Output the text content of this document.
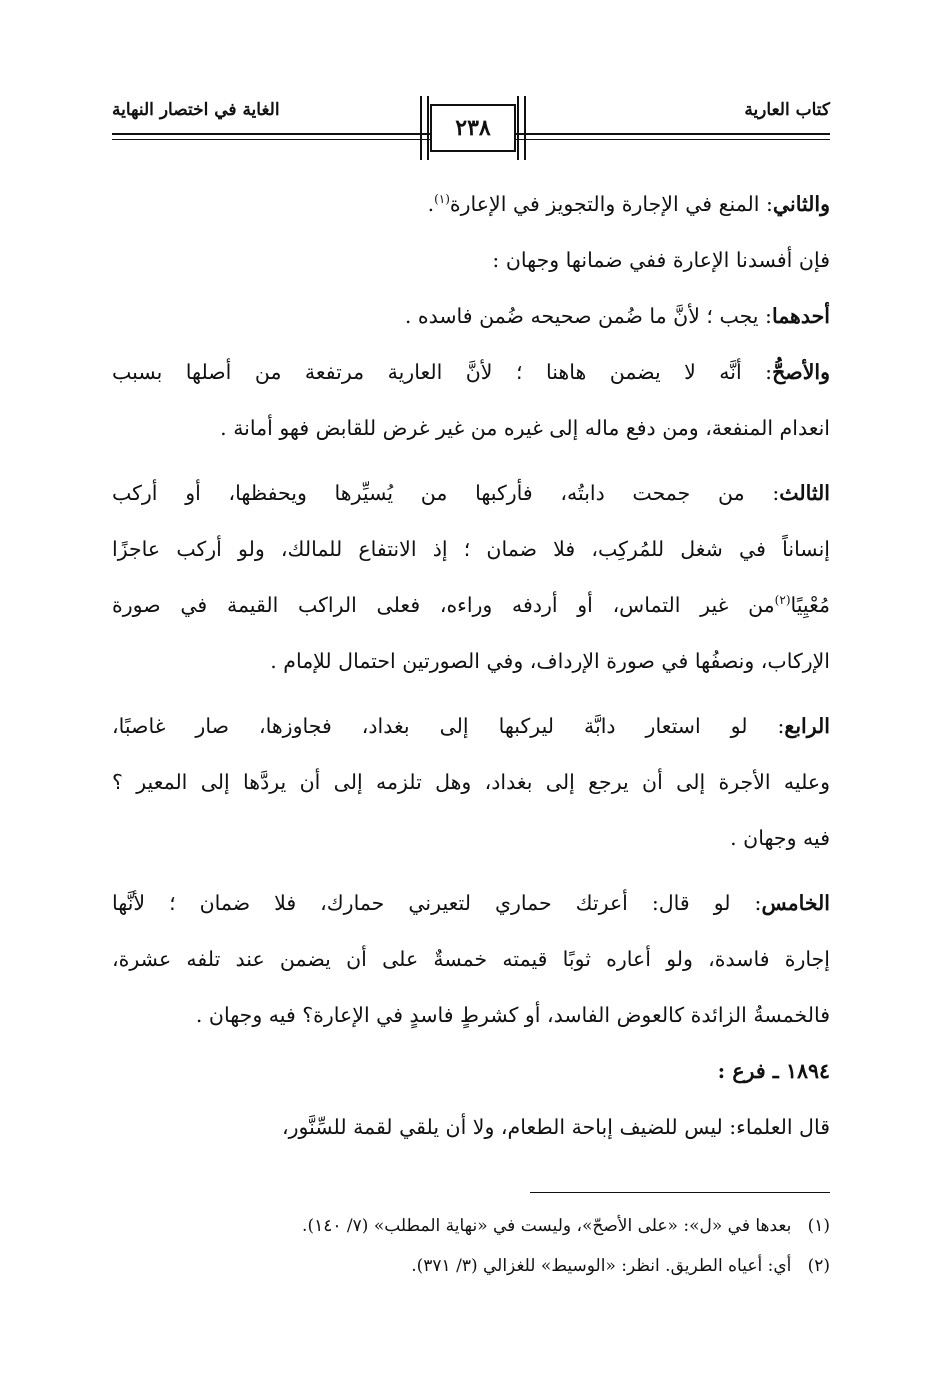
الغاية في اختصار النهاية	كتاب العارية
٢٣٨
والثاني: المنع في الإجارة والتجويز في الإعارة$^{(١)}$.
فإن أفسدنا الإعارة ففي ضمانها وجهان :
أحدهما: يجب ؛ لأنَّ ما ضُمن صحيحه ضُمن فاسده .
والأصحُّ: أنَّه لا يضمن هاهنا ؛ لأنَّ العارية مرتفعة من أصلها بسبب
انعدام المنفعة، ومن دفع ماله إلى غيره من غير غرض للقابض فهو أمانة .
الثالث: من جمحت دابتُه، فأركبها من يُسيِّرها ويحفظها، أو أركب
إنساناً في شغل للمُركِب، فلا ضمان ؛ إذ الانتفاع للمالك، ولو أركب عاجزًا
مُعْيِيًا$^{(٢)}$من غير التماس، أو أردفه وراءه، فعلى الراكب القيمة في صورة
الإركاب، ونصفُها في صورة الإرداف، وفي الصورتين احتمال للإمام .
الرابع: لو استعار دابَّة ليركبها إلى بغداد، فجاوزها، صار غاصبًا،
وعليه الأجرة إلى أن يرجع إلى بغداد، وهل تلزمه إلى أن يردَّها إلى المعير ؟
فيه وجهان .
الخامس: لو قال: أعرتك حماري لتعيرني حمارك، فلا ضمان ؛ لأنَّها
إجارة فاسدة، ولو أعاره ثوبًا قيمته خمسةٌ على أن يضمن عند تلفه عشرة،
فالخمسةُ الزائدة كالعوض الفاسد، أو كشرطٍ فاسدٍ في الإعارة؟ فيه وجهان .
١٨٩٤ ـ فرع :
قال العلماء: ليس للضيف إباحة الطعام، ولا أن يلقي لقمة للسِّنَّور،
(١)   بعدها في «ل»: «على الأصحّ»، وليست في «نهاية المطلب» (٧/ ١٤٠).
(٢)   أي: أعياه الطريق. انظر: «الوسيط» للغزالي (٣/ ٣٧١).
